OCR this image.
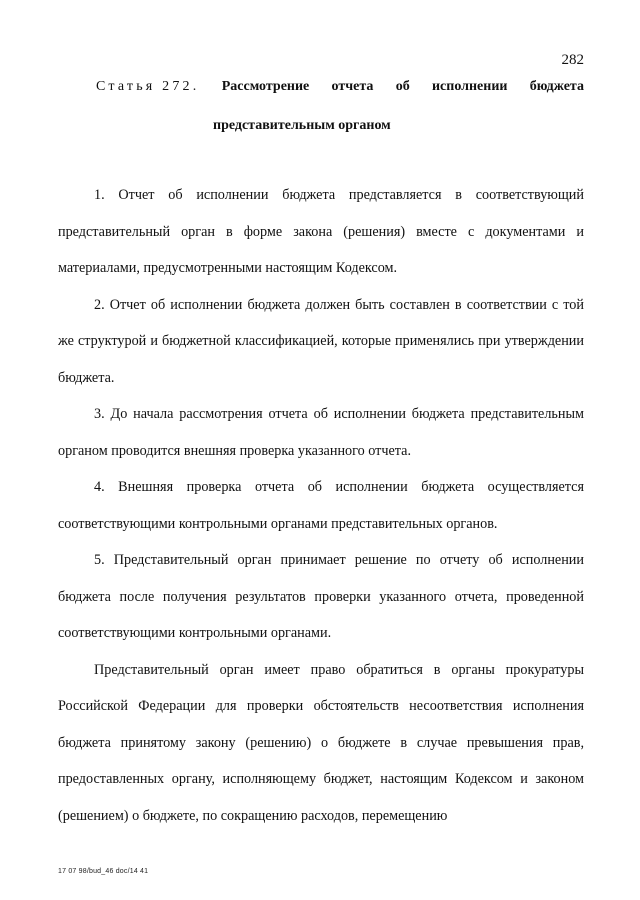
282
Статья 272. Рассмотрение отчета об исполнении бюджета
представительным органом

1. Отчет об исполнении бюджета представляется в соответствующий представительный орган в форме закона (решения) вместе с документами и материалами, предусмотренными настоящим Кодексом.

2. Отчет об исполнении бюджета должен быть составлен в соответствии с той же структурой и бюджетной классификацией, которые применялись при утверждении бюджета.

3. До начала рассмотрения отчета об исполнении бюджета представительным органом проводится внешняя проверка указанного отчета.

4. Внешняя проверка отчета об исполнении бюджета осуществляется соответствующими контрольными органами представительных органов.

5. Представительный орган принимает решение по отчету об исполнении бюджета после получения результатов проверки указанного отчета, проведенной соответствующими контрольными органами.

Представительный орган имеет право обратиться в органы прокуратуры Российской Федерации для проверки обстоятельств несоответствия исполнения бюджета принятому закону (решению) о бюджете в случае превышения прав, предоставленных органу, исполняющему бюджет, настоящим Кодексом и законом (решением) о бюджете, по сокращению расходов, перемещению

17 07 98/bud_46 doc/14 41
